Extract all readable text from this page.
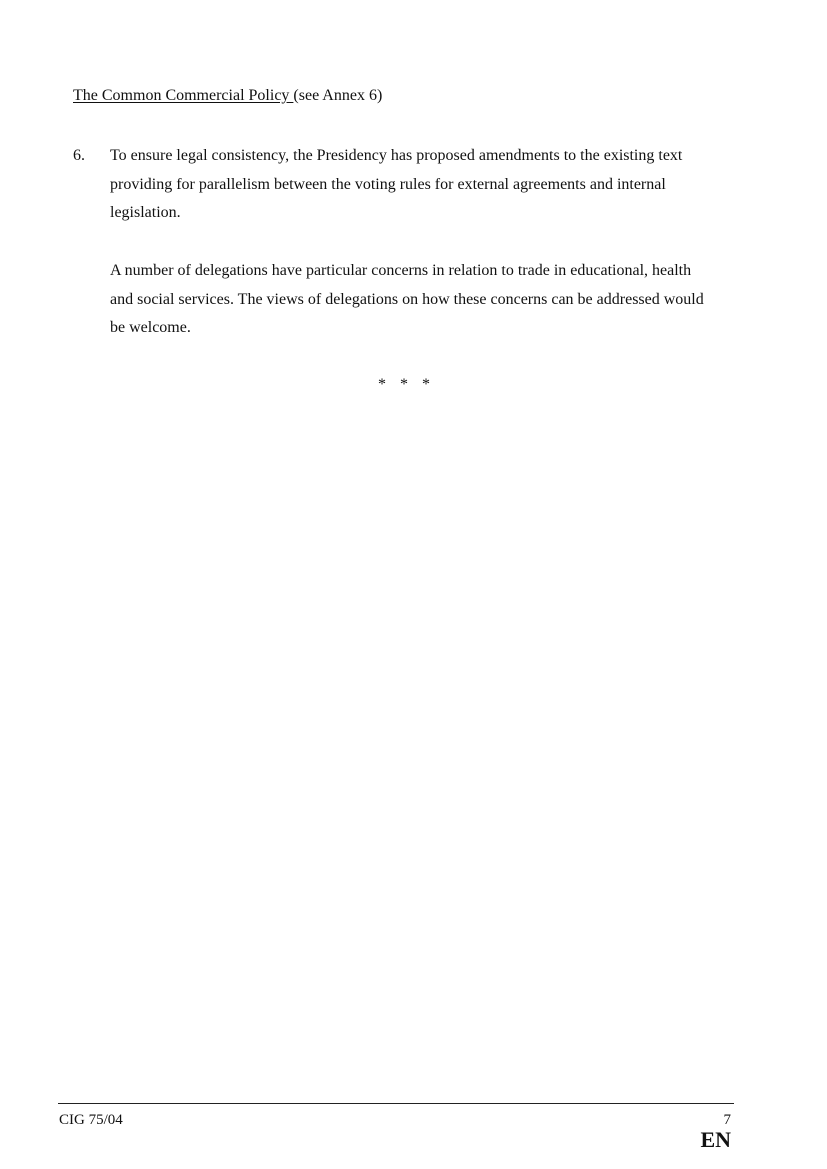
The Common Commercial Policy (see Annex 6)
6. To ensure legal consistency, the Presidency has proposed amendments to the existing text
providing for parallelism between the voting rules for external agreements and internal
legislation.
A number of delegations have particular concerns in relation to trade in educational, health
and social services. The views of delegations on how these concerns can be addressed would
be welcome.
* * *
CIG 75/04	7
EN
